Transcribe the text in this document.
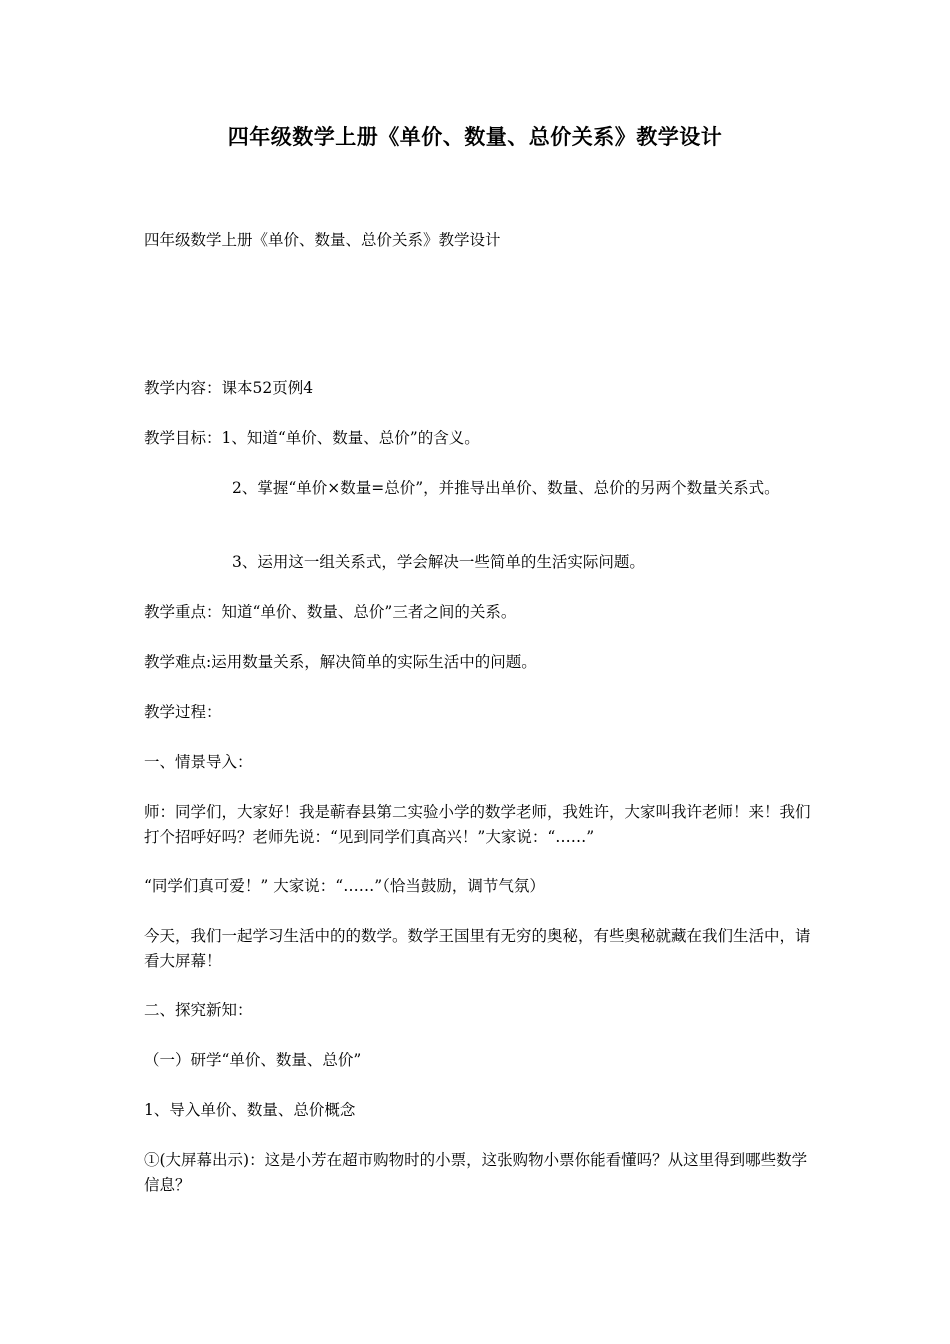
四年级数学上册《单价、数量、总价关系》教学设计
四年级数学上册《单价、数量、总价关系》教学设计
教学内容：课本52页例4
教学目标：1、知道“单价、数量、总价”的含义。
2、掌握“单价×数量=总价”，并推导出单价、数量、总价的另两个数量关系式。
3、运用这一组关系式，学会解决一些简单的生活实际问题。
教学重点：知道“单价、数量、总价”三者之间的关系。
教学难点:运用数量关系，解决简单的实际生活中的问题。
教学过程：
一、情景导入：
师：同学们，大家好！我是蕲春县第二实验小学的数学老师，我姓许，大家叫我许老师！来！我们打个招呼好吗？老师先说：“见到同学们真高兴！”大家说：“……”
“同学们真可爱！” 大家说：“……”（恰当鼓励，调节气氛）
今天，我们一起学习生活中的的数学。数学王国里有无穷的奥秘，有些奥秘就藏在我们生活中，请看大屏幕！
二、探究新知：
（一）研学“单价、数量、总价”
1、导入单价、数量、总价概念
①(大屏幕出示)：这是小芳在超市购物时的小票，这张购物小票你能看懂吗？从这里得到哪些数学信息？
